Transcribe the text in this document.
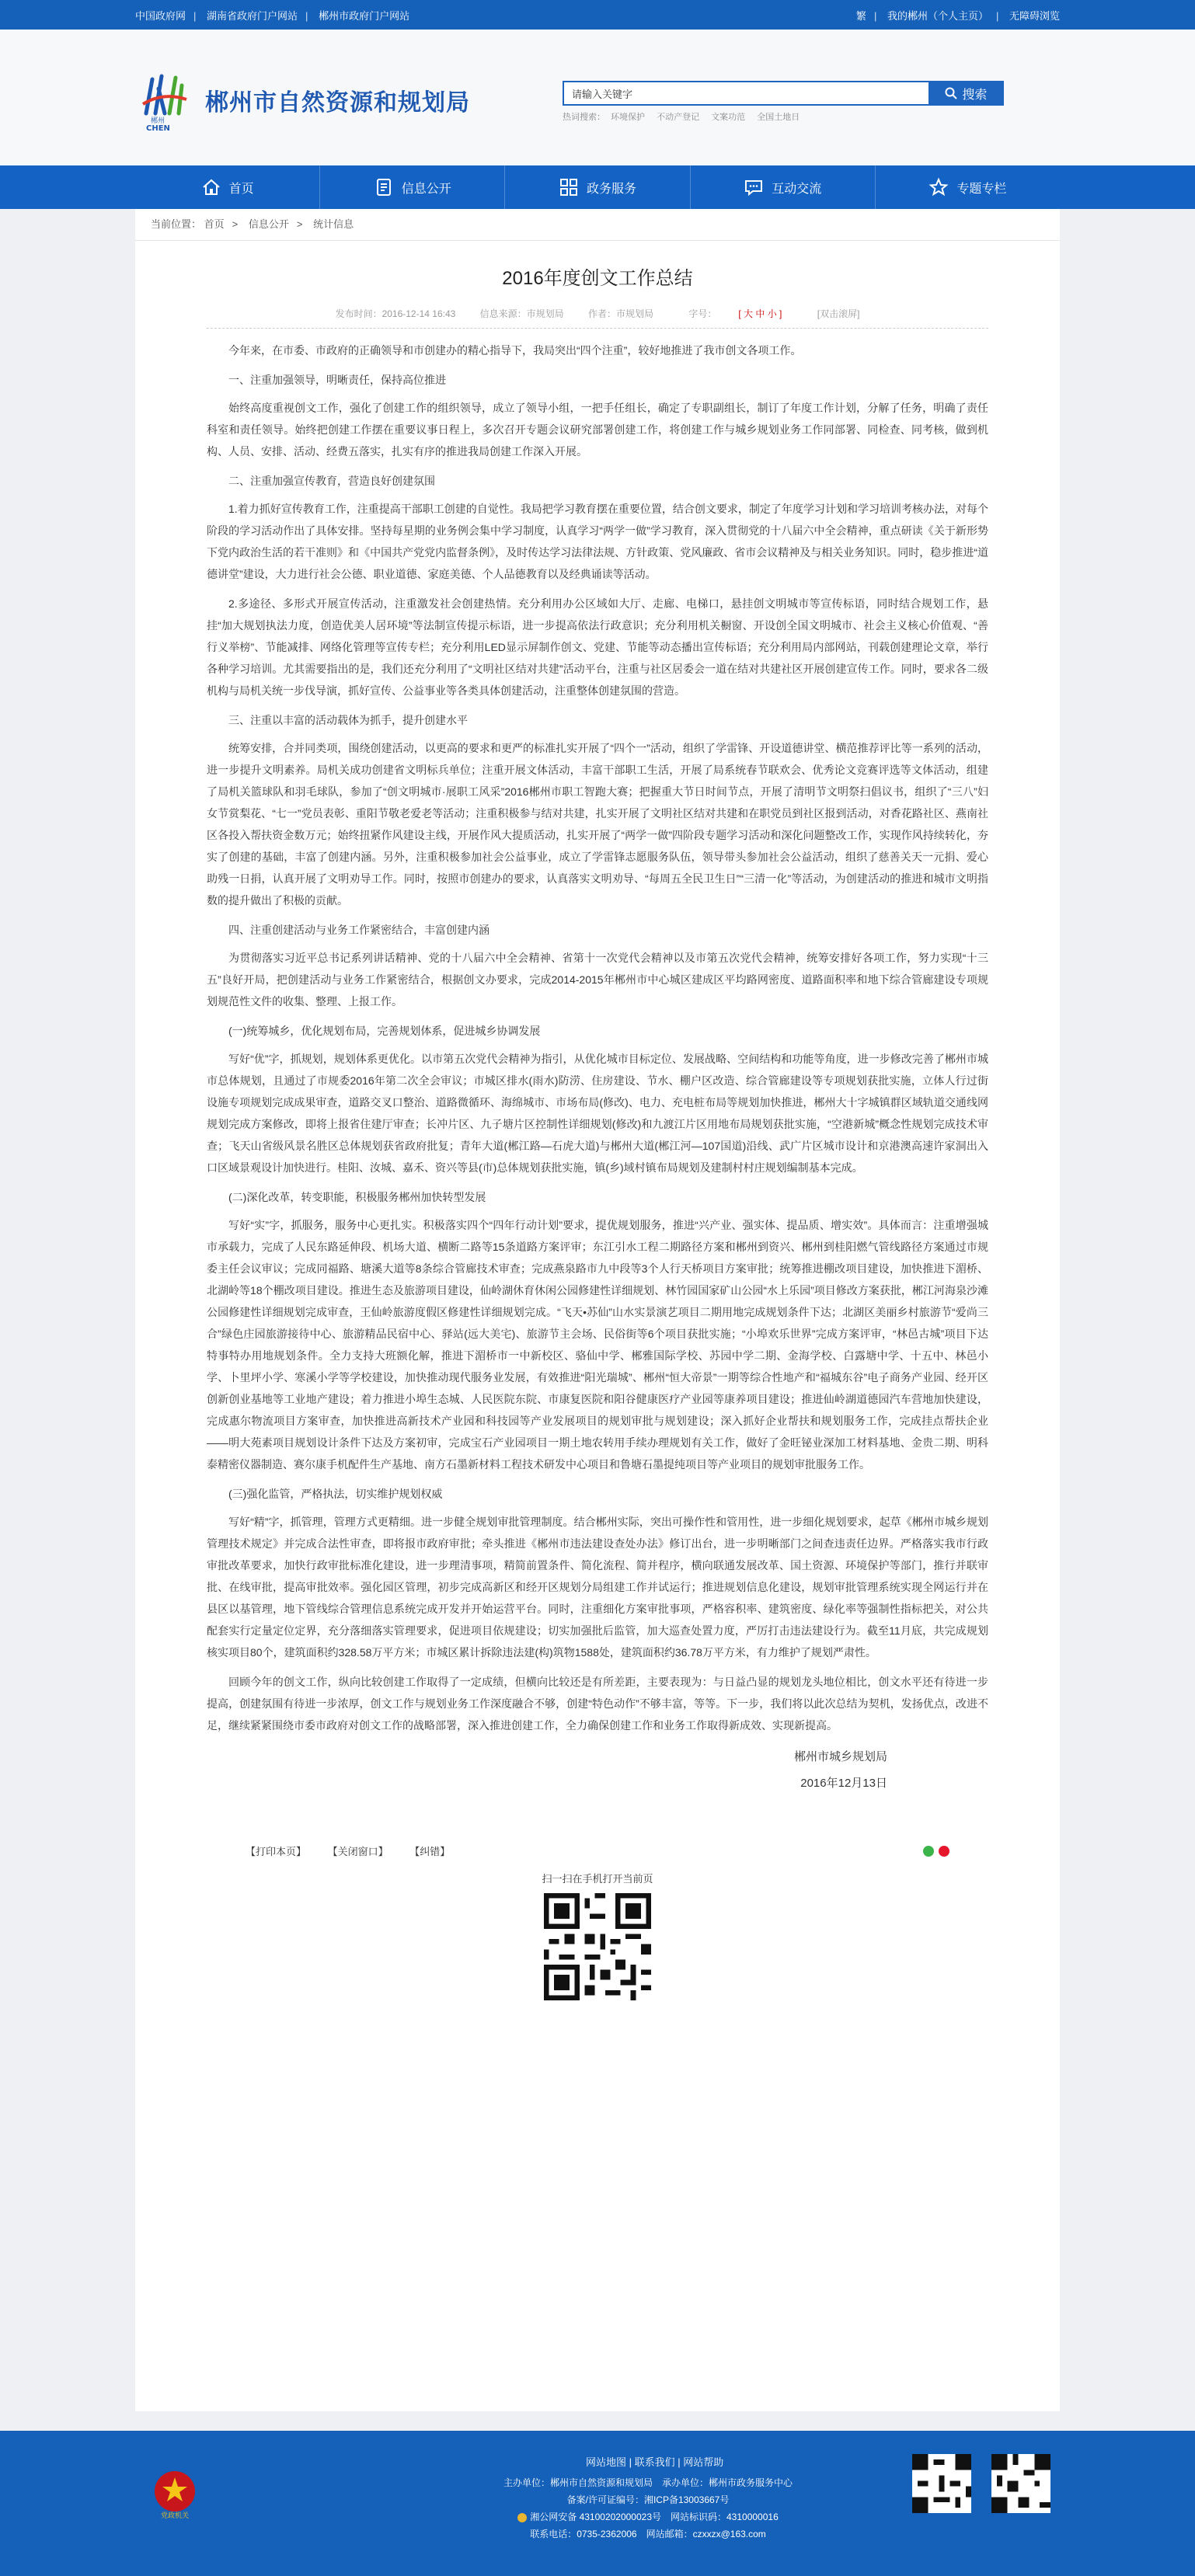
中国政府网 | 湖南省政府门户网站 | 郴州市政府门户网站	繁 | 我的郴州（个人主页） | 无障碍浏览
郴州
CHEN
郴州市自然资源和规划局
请输入关键字	搜索
热词搜索： 环境保护 不动产登记 文案功范 全国土地日
首页	信息公开	政务服务	互动交流	专题专栏
当前位置： 首页 > 信息公开 > 统计信息
2016年度创文工作总结
发布时间：2016-12-14 16:43	信息来源：市规划局	作者：市规划局	字号： [ 大 中 小 ]	[双击滚屏]

今年来，在市委、市政府的正确领导和市创建办的精心指导下，我局突出“四个注重”，较好地推进了我市创文各项工作。

一、注重加强领导，明晰责任，保持高位推进

始终高度重视创文工作，强化了创建工作的组织领导，成立了领导小组，一把手任组长，确定了专职副组长，制订了年度工作计划，分解了任务，明确了责任科室和责任领导。始终把创建工作摆在重要议事日程上，多次召开专题会议研究部署创建工作，将创建工作与城乡规划业务工作同部署、同检查、同考核，做到机构、人员、安排、活动、经费五落实，扎实有序的推进我局创建工作深入开展。

二、注重加强宣传教育，营造良好创建氛围

1.着力抓好宣传教育工作，注重提高干部职工创建的自觉性。我局把学习教育摆在重要位置，结合创文要求，制定了年度学习计划和学习培训考核办法，对每个阶段的学习活动作出了具体安排。坚持每星期的业务例会集中学习制度，认真学习“两学一做”学习教育，深入贯彻党的十八届六中全会精神，重点研读《关于新形势下党内政治生活的若干准则》和《中国共产党党内监督条例》，及时传达学习法律法规、方针政策、党风廉政、省市会议精神及与相关业务知识。同时，稳步推进“道德讲堂”建设，大力进行社会公德、职业道德、家庭美德、个人品德教育以及经典诵读等活动。

2.多途径、多形式开展宣传活动，注重激发社会创建热情。充分利用办公区域如大厅、走廊、电梯口，悬挂创文明城市等宣传标语，同时结合规划工作，悬挂“加大规划执法力度，创造优美人居环境”等法制宣传提示标语，进一步提高依法行政意识；充分利用机关橱窗、开设创全国文明城市、社会主义核心价值观、“善行义举榜”、节能减排、网络化管理等宣传专栏；充分利用LED显示屏制作创文、党建、节能等动态播出宣传标语；充分利用局内部网站，刊载创建理论文章，举行各种学习培训。尤其需要指出的是，我们还充分利用了“文明社区结对共建”活动平台，注重与社区居委会一道在结对共建社区开展创建宣传工作。同时，要求各二级机构与局机关统一步伐导演，抓好宣传、公益事业等各类具体创建活动，注重整体创建氛围的营造。

三、注重以丰富的活动载体为抓手，提升创建水平

统筹安排，合并同类项，围绕创建活动，以更高的要求和更严的标准扎实开展了“四个一”活动，组织了学雷锋、开设道德讲堂、横范推荐评比等一系列的活动，进一步提升文明素养。局机关成功创建省文明标兵单位；注重开展文体活动，丰富干部职工生活，开展了局系统春节联欢会、优秀论文竞赛评选等文体活动，组建了局机关篮球队和羽毛球队，参加了“创文明城市·展职工风采”2016郴州市职工智跑大赛；把握重大节日时间节点，开展了清明节文明祭扫倡议书，组织了“三八”妇女节赏梨花、“七一”党员表彰、重阳节敬老爱老等活动；注重积极参与结对共建，扎实开展了文明社区结对共建和在职党员到社区报到活动，对香花路社区、燕南社区各投入帮扶资金数万元；始终扭紧作风建设主线，开展作风大提质活动，扎实开展了“两学一做”四阶段专题学习活动和深化问题整改工作，实现作风持续转化，夯实了创建的基础，丰富了创建内涵。另外，注重积极参加社会公益事业，成立了学雷锋志愿服务队伍，领导带头参加社会公益活动，组织了慈善关天一元捐、爱心助残一日捐，认真开展了文明劝导工作。同时，按照市创建办的要求，认真落实文明劝导、“每周五全民卫生日”“三清一化”等活动，为创建活动的推进和城市文明指数的提升做出了积极的贡献。

四、注重创建活动与业务工作紧密结合，丰富创建内涵

为贯彻落实习近平总书记系列讲话精神、党的十八届六中全会精神、省第十一次党代会精神以及市第五次党代会精神，统筹安排好各项工作，努力实现“十三五”良好开局，把创建活动与业务工作紧密结合，根据创文办要求，完成2014-2015年郴州市中心城区建成区平均路网密度、道路面积率和地下综合管廊建设专项规划规范性文件的收集、整理、上报工作。

(一)统筹城乡，优化规划布局，完善规划体系，促进城乡协调发展

写好“优”字，抓规划，规划体系更优化。以市第五次党代会精神为指引，从优化城市目标定位、发展战略、空间结构和功能等角度，进一步修改完善了郴州市城市总体规划，且通过了市规委2016年第二次全会审议；市城区排水(雨水)防涝、住房建设、节水、棚户区改造、综合管廊建设等专项规划获批实施，立体人行过街设施专项规划完成成果审查，道路交叉口整治、道路微循环、海绵城市、市场布局(修改)、电力、充电桩布局等规划加快推进，郴州大十字城镇群区域轨道交通线网规划完成方案修改，即将上报省住建厅审查；长冲片区、九子塘片区控制性详细规划(修改)和九渡江片区用地布局规划获批实施，“空港新城”概念性规划完成技术审查；飞天山省级风景名胜区总体规划获省政府批复；青年大道(郴江路—石虎大道)与郴州大道(郴江河—107国道)沿线、武广片区城市设计和京港澳高速许家洞出入口区域景观设计加快进行。桂阳、汝城、嘉禾、资兴等县(市)总体规划获批实施，镇(乡)域村镇布局规划及建制村村庄规划编制基本完成。

(二)深化改革，转变职能，积极服务郴州加快转型发展

写好“实”字，抓服务，服务中心更扎实。积极落实四个“四年行动计划”要求，提优规划服务，推进“兴产业、强实体、提品质、增实效”。具体而言：注重增强城市承载力，完成了人民东路延伸段、机场大道、横断二路等15条道路方案评审；东江引水工程二期路径方案和郴州到资兴、郴州到桂阳燃气管线路径方案通过市规委主任会议审议；完成同福路、塘溪大道等8条综合管廊技术审查；完成燕泉路市九中段等3个人行天桥项目方案审批；统筹推进棚改项目建设，加快推进下湄桥、北湖岭等18个棚改项目建设。推进生态及旅游项目建设，仙岭湖休育休闲公园修建性详细规划、林竹园国家矿山公园“水上乐园”项目修改方案获批，郴江河海泉沙滩公园修建性详细规划完成审查，王仙岭旅游度假区修建性详细规划完成。“飞天•苏仙”山水实景演艺项目二期用地完成规划条件下达；北湖区美丽乡村旅游节“爱尚三合”绿色庄园旅游接待中心、旅游精品民宿中心、驿站(远大美宅)、旅游节主会场、民俗街等6个项目获批实施；“小埠欢乐世界”完成方案评审，“林邑古城”项目下达特事特办用地规划条件。全力支持大班额化解，推进下湄桥市一中新校区、骆仙中学、郴雅国际学校、苏园中学二期、金海学校、白露塘中学、十五中、林邑小学、卜里坪小学、寒溪小学等学校建设，加快推动现代服务业发展，有效推进“阳光瑞城”、郴州“恒大帝景”一期等综合性地产和“福城东谷”电子商务产业园、经开区创新创业基地等工业地产建设；着力推进小埠生态城、人民医院东院、市康复医院和阳谷健康医疗产业园等康养项目建设；推进仙岭湖道德园汽车营地加快建设，完成惠尔物流项目方案审查，加快推进高新技术产业园和科技园等产业发展项目的规划审批与规划建设；深入抓好企业帮扶和规划服务工作，完成挂点帮扶企业——明大苑素项目规划设计条件下达及方案初审，完成宝石产业园项目一期土地农转用手续办理规划有关工作，做好了金旺铋业深加工材料基地、金贵二期、明科泰精密仪器制造、赛尔康手机配件生产基地、南方石墨新材料工程技术研发中心项目和鲁塘石墨提纯项目等产业项目的规划审批服务工作。

(三)强化监管，严格执法，切实维护规划权威

写好“精”字，抓管理，管理方式更精细。进一步健全规划审批管理制度。结合郴州实际，突出可操作性和管用性，进一步细化规划要求，起草《郴州市城乡规划管理技术规定》并完成合法性审查，即将报市政府审批；牵头推进《郴州市违法建设查处办法》修订出台，进一步明晰部门之间查违责任边界。严格落实我市行政审批改革要求，加快行政审批标准化建设，进一步理清事项，精简前置条件、简化流程、简并程序，横向联通发展改革、国土资源、环境保护等部门，推行并联审批、在线审批，提高审批效率。强化园区管理，初步完成高新区和经开区规划分局组建工作并试运行；推进规划信息化建设，规划审批管理系统实现全网运行并在县区以基管理，地下管线综合管理信息系统完成开发并开始运营平台。同时，注重细化方案审批事项，严格容积率、建筑密度、绿化率等强制性指标把关，对公共配套实行定量定位定界，充分落细落实管理要求，促进项目依规建设；切实加强批后监管，加大巡查处置力度，严厉打击违法建设行为。截至11月底，共完成规划核实项目80个，建筑面积约328.58万平方米；市城区累计拆除违法建(构)筑物1588处，建筑面积约36.78万平方米，有力维护了规划严肃性。

回顾今年的创文工作，纵向比较创建工作取得了一定成绩，但横向比较还是有所差距，主要表现为：与日益凸显的规划龙头地位相比，创文水平还有待进一步提高，创建氛围有待进一步浓厚，创文工作与规划业务工作深度融合不够，创建“特色动作”不够丰富，等等。下一步，我们将以此次总结为契机，发扬优点，改进不足，继续紧紧围绕市委市政府对创文工作的战略部署，深入推进创建工作，全力确保创建工作和业务工作取得新成效、实现新提高。

郴州市城乡规划局
2016年12月13日
【打印本页】 【关闭窗口】 【纠错】
扫一扫在手机打开当前页
党政机关
网站地图 | 联系我们 | 网站帮助
主办单位：郴州市自然资源和规划局　承办单位：郴州市政务服务中心
备案/许可证编号：湘ICP备13003667号
湘公网安备 43100202000023号　网站标识码：4310000016
联系电话：0735-2362006　网站邮箱：czxxzx@163.com
